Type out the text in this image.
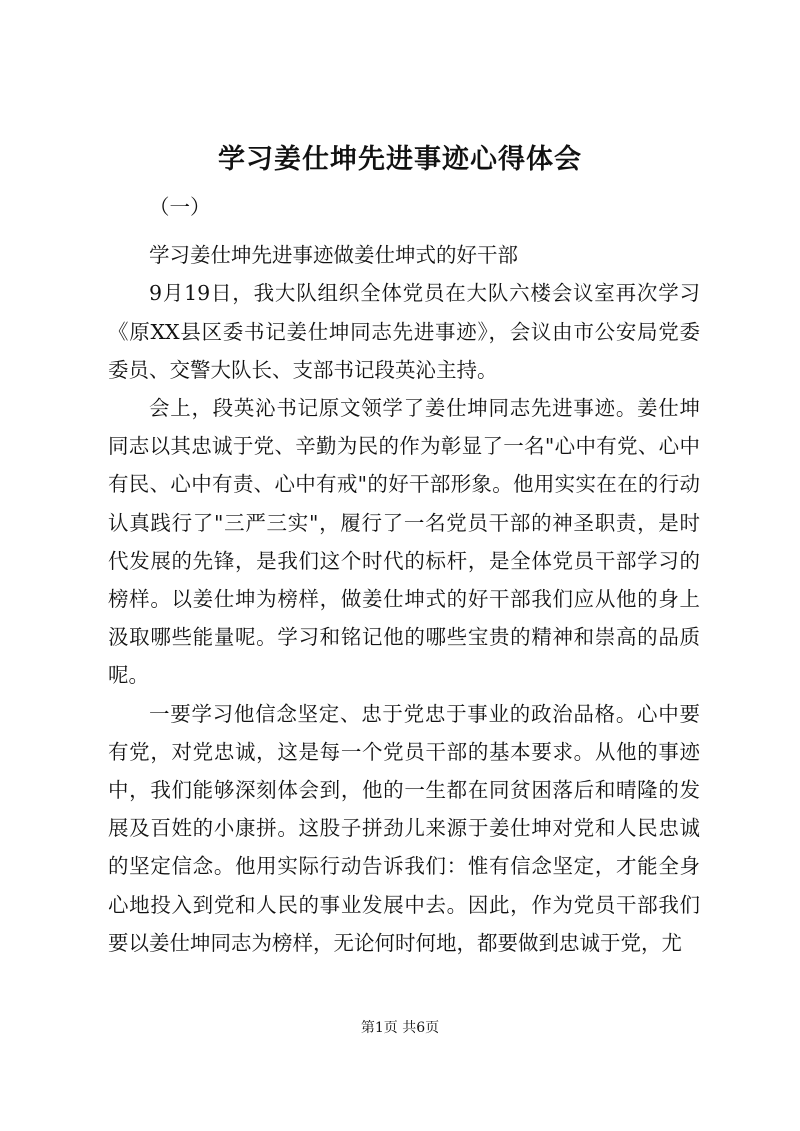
学习姜仕坤先进事迹心得体会

（一）

学习姜仕坤先进事迹做姜仕坤式的好干部

9月19日，我大队组织全体党员在大队六楼会议室再次学习《原XX县区委书记姜仕坤同志先进事迹》，会议由市公安局党委委员、交警大队长、支部书记段英沁主持。

会上，段英沁书记原文领学了姜仕坤同志先进事迹。姜仕坤同志以其忠诚于党、辛勤为民的作为彰显了一名"心中有党、心中有民、心中有责、心中有戒"的好干部形象。他用实实在在的行动认真践行了"三严三实"，履行了一名党员干部的神圣职责，是时代发展的先锋，是我们这个时代的标杆，是全体党员干部学习的榜样。以姜仕坤为榜样，做姜仕坤式的好干部我们应从他的身上汲取哪些能量呢。学习和铭记他的哪些宝贵的精神和崇高的品质呢。

一要学习他信念坚定、忠于党忠于事业的政治品格。心中要有党，对党忠诚，这是每一个党员干部的基本要求。从他的事迹中，我们能够深刻体会到，他的一生都在同贫困落后和晴隆的发展及百姓的小康拼。这股子拼劲儿来源于姜仕坤对党和人民忠诚的坚定信念。他用实际行动告诉我们：惟有信念坚定，才能全身心地投入到党和人民的事业发展中去。因此，作为党员干部我们要以姜仕坤同志为榜样，无论何时何地，都要做到忠诚于党，尤

第1页 共6页
